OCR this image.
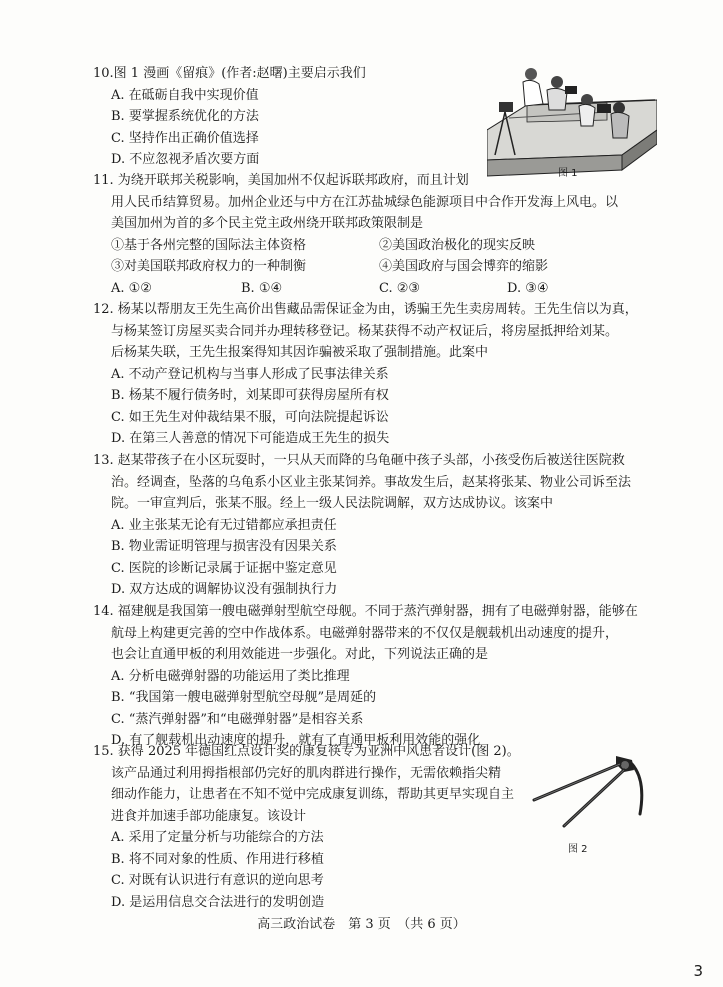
10.图 1 漫画《留痕》(作者:赵曙)主要启示我们
A. 在砥砺自我中实现价值
B. 要掌握系统优化的方法
C. 坚持作出正确价值选择
D. 不应忽视矛盾次要方面
图 1
11. 为绕开联邦关税影响，美国加州不仅起诉联邦政府，而且计划
用人民币结算贸易。加州企业还与中方在江苏盐城绿色能源项目中合作开发海上风电。以
美国加州为首的多个民主党主政州绕开联邦政策限制是
①基于各州完整的国际法主体资格	②美国政治极化的现实反映
③对美国联邦政府权力的一种制衡	④美国政府与国会博弈的缩影
A. ①②	B. ①④	C. ②③	D. ③④
12. 杨某以帮朋友王先生高价出售藏品需保证金为由，诱骗王先生卖房周转。王先生信以为真，
与杨某签订房屋买卖合同并办理转移登记。杨某获得不动产权证后，将房屋抵押给刘某。
后杨某失联，王先生报案得知其因诈骗被采取了强制措施。此案中
A. 不动产登记机构与当事人形成了民事法律关系
B. 杨某不履行债务时，刘某即可获得房屋所有权
C. 如王先生对仲裁结果不服，可向法院提起诉讼
D. 在第三人善意的情况下可能造成王先生的损失
13. 赵某带孩子在小区玩耍时，一只从天而降的乌龟砸中孩子头部，小孩受伤后被送往医院救
治。经调查，坠落的乌龟系小区业主张某饲养。事故发生后，赵某将张某、物业公司诉至法
院。一审宣判后，张某不服。经上一级人民法院调解，双方达成协议。该案中
A. 业主张某无论有无过错都应承担责任
B. 物业需证明管理与损害没有因果关系
C. 医院的诊断记录属于证据中鉴定意见
D. 双方达成的调解协议没有强制执行力
14. 福建舰是我国第一艘电磁弹射型航空母舰。不同于蒸汽弹射器，拥有了电磁弹射器，能够在
航母上构建更完善的空中作战体系。电磁弹射器带来的不仅仅是舰载机出动速度的提升，
也会让直通甲板的利用效能进一步强化。对此，下列说法正确的是
A. 分析电磁弹射器的功能运用了类比推理
B. “我国第一艘电磁弹射型航空母舰”是周延的
C. “蒸汽弹射器”和“电磁弹射器”是相容关系
D. 有了舰载机出动速度的提升，就有了直通甲板利用效能的强化
15. 获得 2025 年德国红点设计奖的康复筷专为亚洲中风患者设计(图 2)。
该产品通过利用拇指根部仍完好的肌肉群进行操作，无需依赖指尖精
细动作能力，让患者在不知不觉中完成康复训练，帮助其更早实现自主
进食并加速手部功能康复。该设计
A. 采用了定量分析与功能综合的方法
B. 将不同对象的性质、作用进行移植
C. 对既有认识进行有意识的逆向思考
D. 是运用信息交合法进行的发明创造
图 2
高三政治试卷　第 3 页　（共 6 页）
3
